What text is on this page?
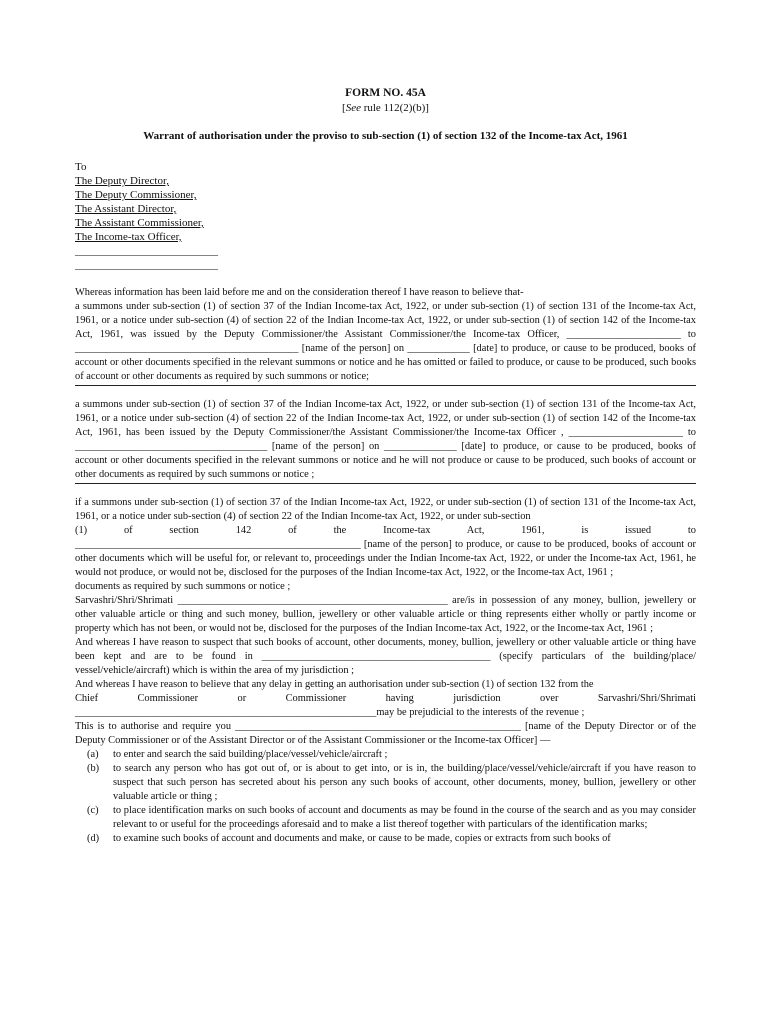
FORM NO. 45A

[See rule 112(2)(b)]

Warrant of authorisation under the proviso to sub-section (1) of section 132 of the Income-tax Act, 1961

To
The Deputy Director,
The Deputy Commissioner,
The Assistant Director,
The Assistant Commissioner,
The Income-tax Officer,
__________________________
__________________________

Whereas information has been laid before me and on the consideration thereof I have reason to believe that-

a summons under sub-section (1) of section 37 of the Indian Income-tax Act, 1922, or under sub-section (1) of section 131 of the Income-tax Act, 1961, or a notice under sub-section (4) of section 22 of the Indian Income-tax Act, 1922, or under sub-section (1) of section 142 of the Income-tax Act, 1961, was issued by the Deputy Commissioner/the Assistant Commissioner/the Income-tax Officer, ______________________ to ___________________________________________ [name of the person] on ____________ [date] to produce, or cause to be produced, books of account or other documents specified in the relevant summons or notice and he has omitted or failed to produce, or cause to be produced, such books of account or other documents as required by such summons or notice;

a summons under sub-section (1) of section 37 of the Indian Income-tax Act, 1922, or under sub-section (1) of section 131 of the Income-tax Act, 1961, or a notice under sub-section (4) of section 22 of the Indian Income-tax Act, 1922, or under sub-section (1) of section 142 of the Income-tax Act, 1961, has been issued by the Deputy Commissioner/the Assistant Commissioner/the Income-tax Officer , ______________________ to _____________________________________ [name of the person] on ______________ [date] to produce, or cause to be produced, books of account or other documents specified in the relevant summons or notice and he will not produce or cause to be produced, such books of account or other documents as required by such summons or notice ;

if a summons under sub-section (1) of section 37 of the Indian Income-tax Act, 1922, or under sub-section (1) of section 131 of the Income-tax Act, 1961, or a notice under sub-section (4) of section 22 of the Indian Income-tax Act, 1922, or under sub-section

(1) of section 142 of the Income-tax Act, 1961, is issued to

_______________________________________________________ [name of the person] to produce, or cause to be produced, books of account or other documents which will be useful for, or relevant to, proceedings under the Indian Income-tax Act, 1922, or under the Income-tax Act, 1961, he would not produce, or would not be, disclosed for the purposes of the Indian Income-tax Act, 1922, or the Income-tax Act, 1961 ;

documents as required by such summons or notice ;

Sarvashri/Shri/Shrimati ____________________________________________________ are/is in possession of any money, bullion, jewellery or other valuable article or thing and such money, bullion, jewellery or other valuable article or thing represents either wholly or partly income or property which has not been, or would not be, disclosed for the purposes of the Indian Income-tax Act, 1922, or the Income-tax Act, 1961 ;

And whereas I have reason to suspect that such books of account, other documents, money, bullion, jewellery or other valuable article or thing have been kept and are to be found in ____________________________________________ (specify particulars of the building/place/ vessel/vehicle/aircraft) which is within the area of my jurisdiction ;

And whereas I have reason to believe that any delay in getting an authorisation under sub-section (1) of section 132 from the

Chief Commissioner or Commissioner having jurisdiction over Sarvashri/Shri/Shrimati

__________________________________________________________may be prejudicial to the interests of the revenue ;

This is to authorise and require you _______________________________________________________ [name of the Deputy Director or of the Deputy Commissioner or of the Assistant Director or of the Assistant Commissioner or the Income-tax Officer] —

(a)	to enter and search the said building/place/vessel/vehicle/aircraft ;
(b)	to search any person who has got out of, or is about to get into, or is in, the building/place/vessel/vehicle/aircraft if you have reason to suspect that such person has secreted about his person any such books of account, other documents, money, bullion, jewellery or other valuable article or thing ;
(c)	to place identification marks on such books of account and documents as may be found in the course of the search and as you may consider relevant to or useful for the proceedings aforesaid and to make a list thereof together with particulars of the identification marks;
(d)	to examine such books of account and documents and make, or cause to be made, copies or extracts from such books of
